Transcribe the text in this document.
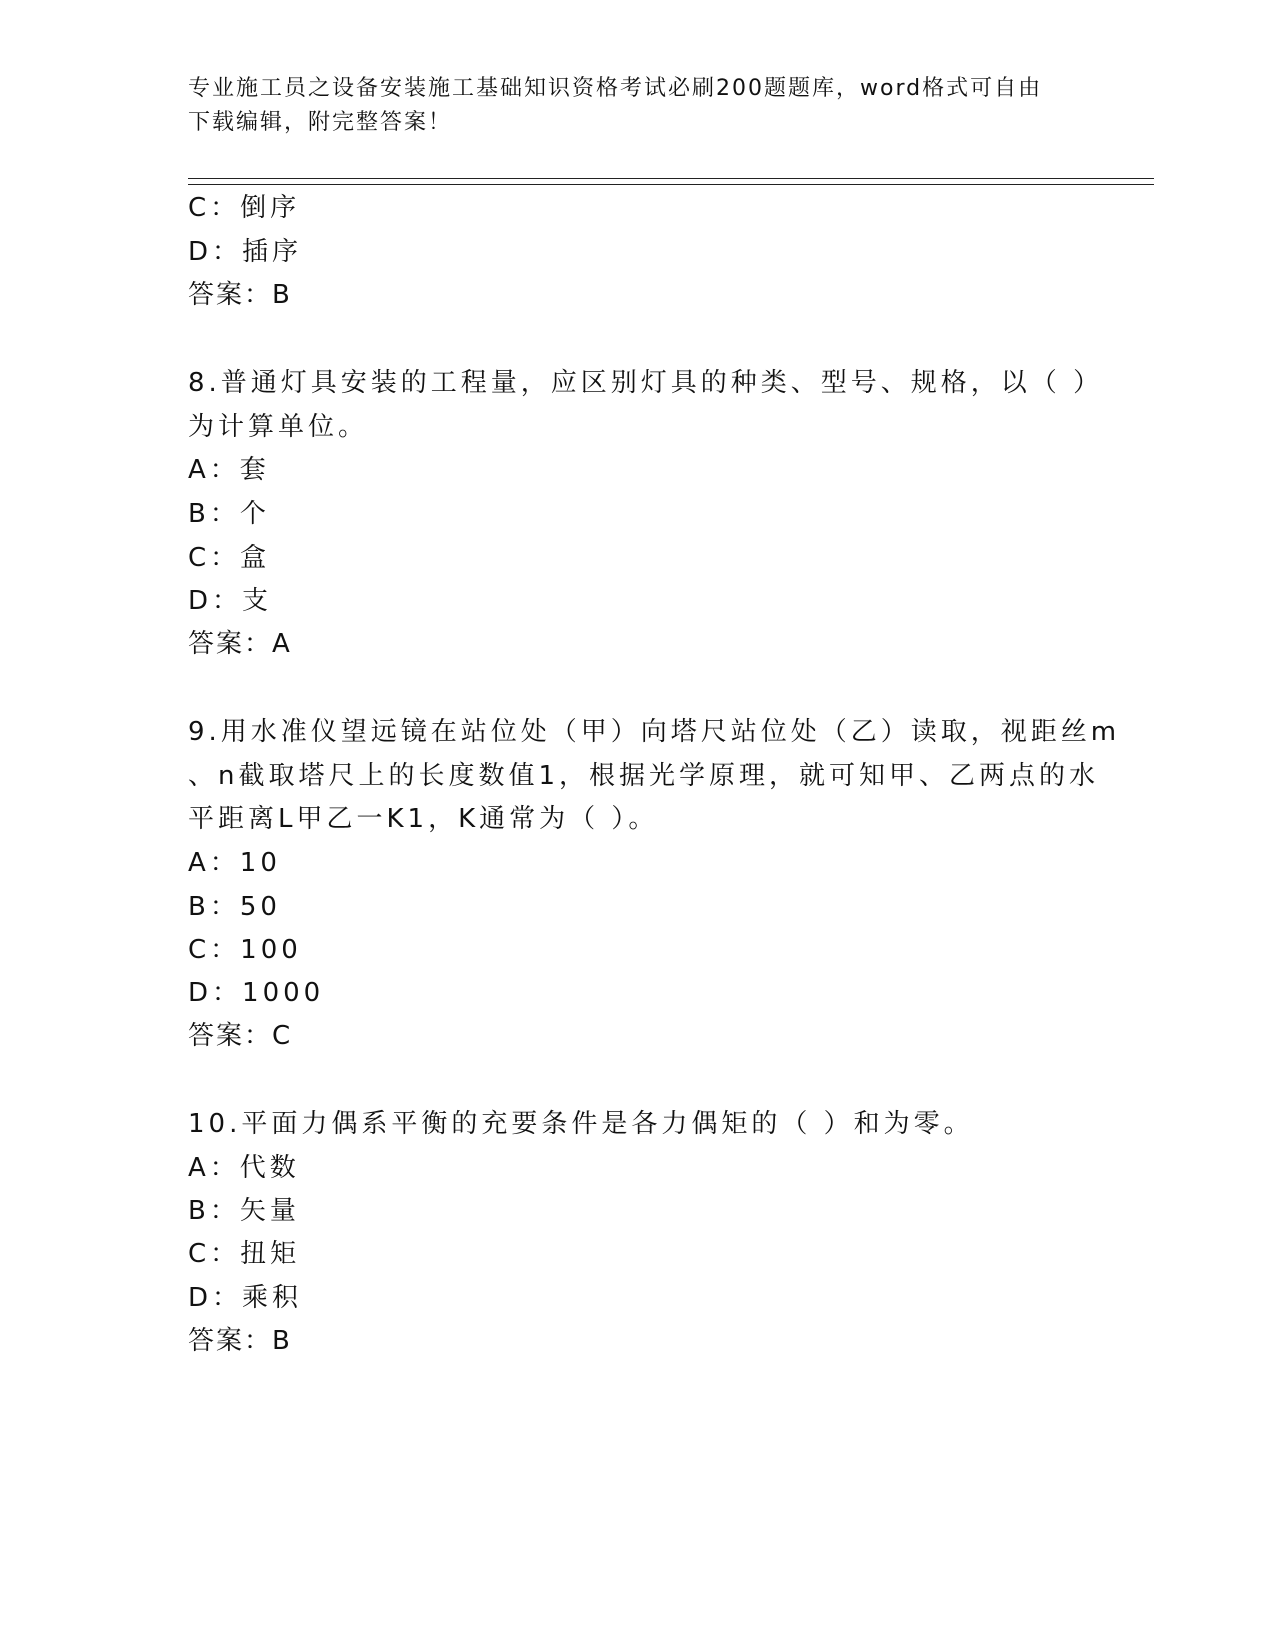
专业施工员之设备安装施工基础知识资格考试必刷200题题库，word格式可自由
下载编辑，附完整答案！
C：倒序
D：插序
答案：B
8.普通灯具安装的工程量，应区别灯具的种类、型号、规格，以（ ）
为计算单位。
A：套
B：个
C：盒
D：支
答案：A
9.用水准仪望远镜在站位处（甲）向塔尺站位处（乙）读取，视距丝m
、n截取塔尺上的长度数值1，根据光学原理，就可知甲、乙两点的水
平距离L甲乙一K1，K通常为（ ）。
A：10
B：50
C：100
D：1000
答案：C
10.平面力偶系平衡的充要条件是各力偶矩的（ ）和为零。
A：代数
B：矢量
C：扭矩
D：乘积
答案：B
